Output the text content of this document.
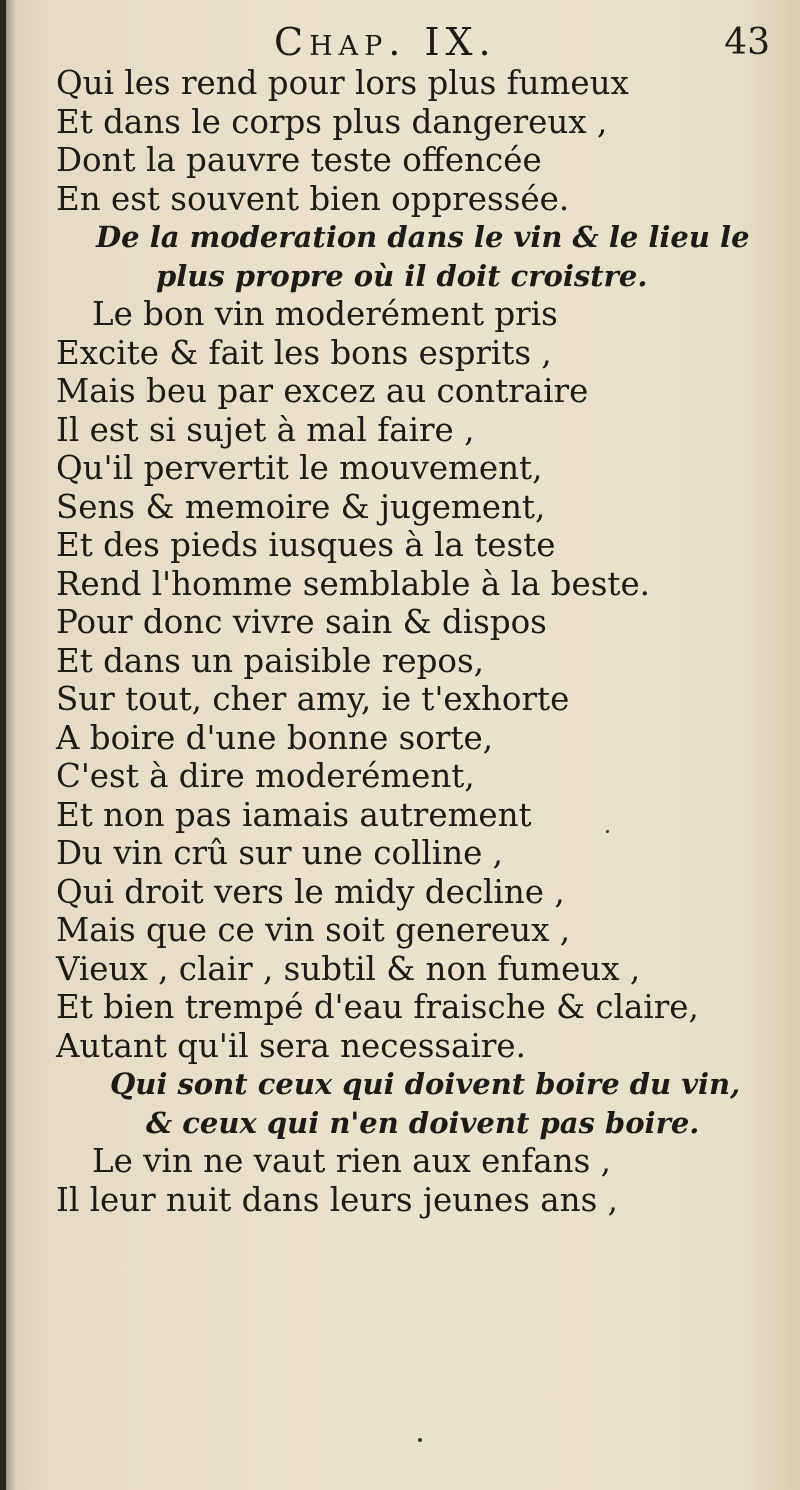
Chap. IX.	43
Qui les rend pour lors plus fumeux
Et dans le corps plus dangereux ,
Dont la pauvre teste offencée
En est souvent bien oppressée.
De la moderation dans le vin & le lieu le
plus propre où il doit croistre.
Le bon vin moderément pris
Excite & fait les bons esprits ,
Mais beu par excez au contraire
Il est si sujet à mal faire ,
Qu'il pervertit le mouvement,
Sens & memoire & jugement,
Et des pieds iusques à la teste
Rend l'homme semblable à la beste.
Pour donc vivre sain & dispos
Et dans un paisible repos,
Sur tout, cher amy, ie t'exhorte
A boire d'une bonne sorte,
C'est à dire moderément,
Et non pas iamais autrement
Du vin crû sur une colline ,
Qui droit vers le midy decline ,
Mais que ce vin soit genereux ,
Vieux , clair , subtil & non fumeux ,
Et bien trempé d'eau fraische & claire,
Autant qu'il sera necessaire.
Qui sont ceux qui doivent boire du vin,
& ceux qui n'en doivent pas boire.
Le vin ne vaut rien aux enfans ,
Il leur nuit dans leurs jeunes ans ,
